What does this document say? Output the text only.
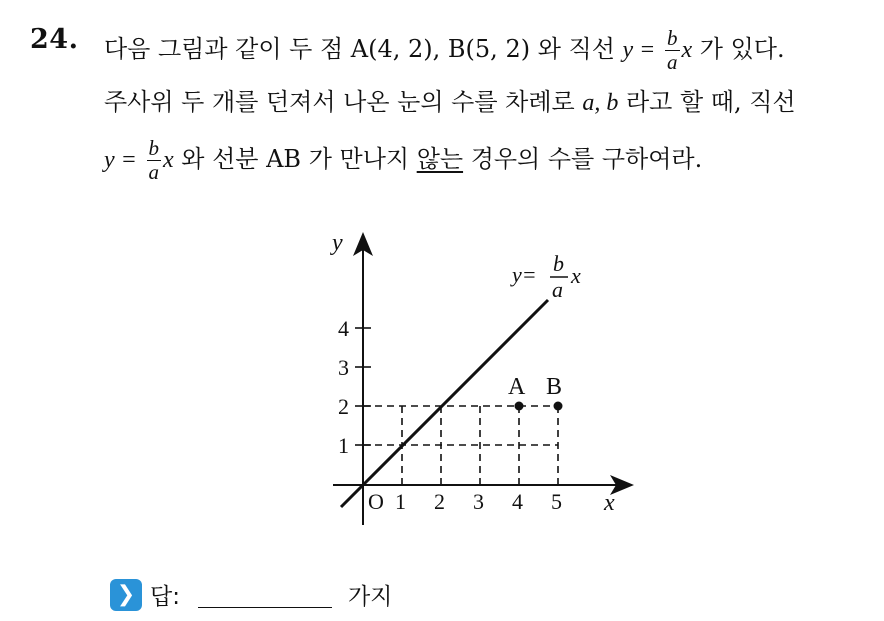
24. 다음 그림과 같이 두 점 A(4, 2), B(5, 2) 와 직선 $y = \frac{b}{a}$ x 가 있다.
주사위 두 개를 던져서 나온 눈의 수를 차례로 a, b 라고 할 때, 직선
$y = \frac{b}{a}$ x 와 선분 AB 가 만나지 않는 경우의 수를 구하여라.
y
x
O 1 2 3 4 5
1
2
3
4
A B
y= b
a
x
❯ 답:	가지
